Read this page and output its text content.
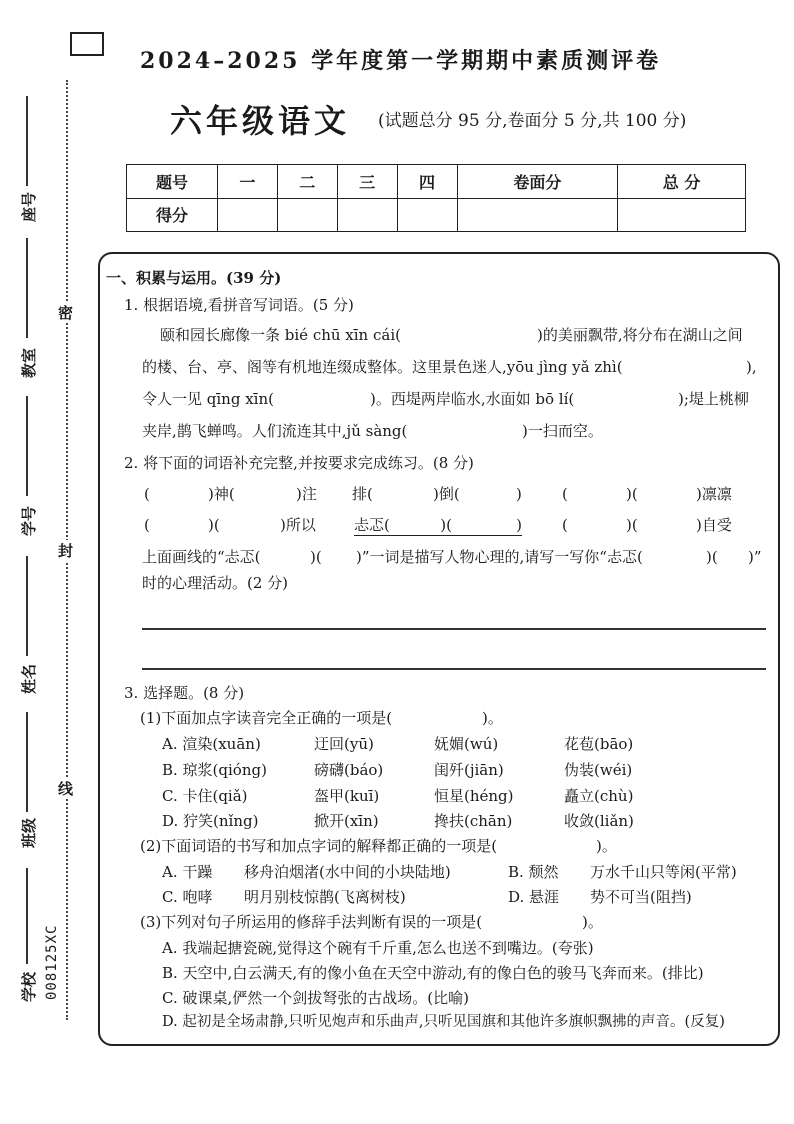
2024–2025 学年度第一学期期中素质测评卷
六年级语文 (试题总分 95 分,卷面分 5 分,共 100 分)
座号
教室
学号
姓名
班级
学校
密
封
线
008125XC
题号	一	二	三	四	卷面分	总 分
得分						
一、积累与运用。(39 分)
1. 根据语境,看拼音写词语。(5 分)
颐和园长廊像一条 bié chū xīn cái(	)的美丽飘带,将分布在湖山之间
的楼、台、亭、阁等有机地连缀成整体。这里景色迷人,yōu jìng yǎ zhì(	),
令人一见 qīng xīn(	)。西堤两岸临水,水面如 bō lí(	);堤上桃柳
夹岸,鹊飞蝉鸣。人们流连其中,jǔ sàng(	)一扫而空。
2. 将下面的词语补充完整,并按要求完成练习。(8 分)
(	)神(	)注 排(	)倒(	)	(	)(	)凛凛
(	)(	)所以	忐忑(	)(	)	(	)(	)自受
上面画线的“忐忑(	)( )”一词是描写人物心理的,请写一写你“忐忑(	)( )”
时的心理活动。(2 分)
3. 选择题。(8 分)
(1)下面加点字读音完全正确的一项是(	)。
A. 渲染(xuān)	迂回(yū)	妩媚(wú)	花苞(bāo)
B. 琼浆(qióng)	磅礴(báo)	闺歼(jiān)	伪装(wéi)
C. 卡住(qiǎ)	盔甲(kuī)	恒星(héng)	矗立(chù)
D. 狞笑(nǐng)	掀开(xīn)	搀扶(chān)	收敛(liǎn)
(2)下面词语的书写和加点字词的解释都正确的一项是(	)。
A. 干躁 移舟泊烟渚(水中间的小块陆地)	B. 颓然 万水千山只等闲(平常)
C. 咆哮 明月别枝惊鹊(飞离树枝)	D. 悬涯 势不可当(阻挡)
(3)下列对句子所运用的修辞手法判断有误的一项是(	)。
A. 我端起搪瓷碗,觉得这个碗有千斤重,怎么也送不到嘴边。(夸张)
B. 天空中,白云满天,有的像小鱼在天空中游动,有的像白色的骏马飞奔而来。(排比)
C. 破课桌,俨然一个剑拔弩张的古战场。(比喻)
D. 起初是全场肃静,只听见炮声和乐曲声,只听见国旗和其他许多旗帜飘拂的声音。(反复)
